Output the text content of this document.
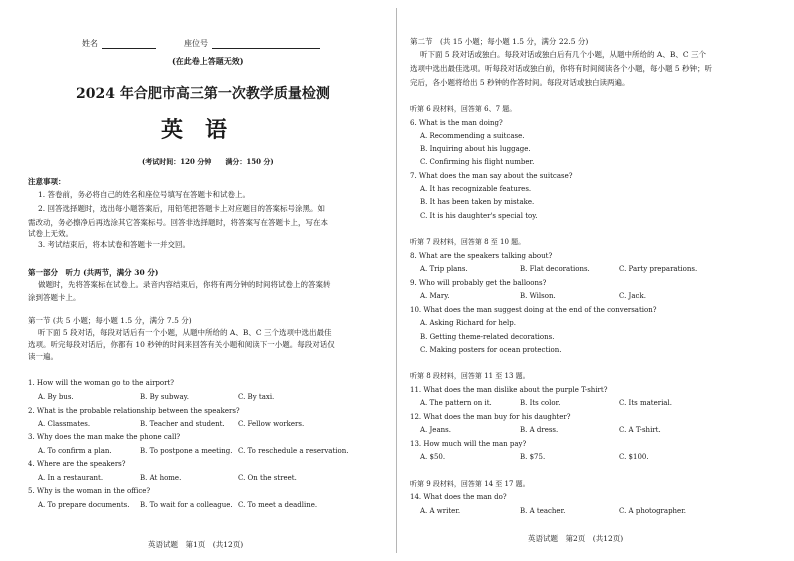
姓名	座位号
(在此卷上答题无效)
2024 年合肥市高三第一次教学质量检测
英　语
(考试时间：120 分钟　　满分：150 分)
注意事项：
1. 答卷前，务必将自己的姓名和座位号填写在答题卡和试卷上。
2. 回答选择题时，选出每小题答案后，用铅笔把答题卡上对应题目的答案标号涂黑。如
需改动，务必擦净后再选涂其它答案标号。回答非选择题时，将答案写在答题卡上，写在本
试卷上无效。
3. 考试结束后，将本试卷和答题卡一并交回。
第一部分　听力 (共两节，满分 30 分)
做题时，先将答案标在试卷上。录音内容结束后，你将有两分钟的时间将试卷上的答案转
涂到答题卡上。
第一节 (共 5 小题；每小题 1.5 分，满分 7.5 分)
听下面 5 段对话，每段对话后有一个小题，从题中所给的 A、B、C 三个选项中选出最佳
选项。听完每段对话后，你都有 10 秒钟的时间来回答有关小题和阅读下一小题。每段对话仅
读一遍。
1. How will the woman go to the airport?
A. By bus.	B. By subway.	C. By taxi.
2. What is the probable relationship between the speakers?
A. Classmates.	B. Teacher and student. C. Fellow workers.
3. Why does the man make the phone call?
A. To confirm a plan.	B. To postpone a meeting. C. To reschedule a reservation.
4. Where are the speakers?
A. In a restaurant.	B. At home.	C. On the street.
5. Why is the woman in the office?
A. To prepare documents. B. To wait for a colleague. C. To meet a deadline.
英语试题　第1页　(共12页)
第二节　(共 15 小题；每小题 1.5 分，满分 22.5 分)
听下面 5 段对话或独白。每段对话或独白后有几个小题，从题中所给的 A、B、C 三个
选项中选出最佳选项。听每段对话或独白前，你将有时间阅读各个小题，每小题 5 秒钟；听
完后，各小题将给出 5 秒钟的作答时间。每段对话或独白读两遍。
听第 6 段材料，回答第 6、7 题。
6. What is the man doing?
A. Recommending a suitcase.
B. Inquiring about his luggage.
C. Confirming his flight number.
7. What does the man say about the suitcase?
A. It has recognizable features.
B. It has been taken by mistake.
C. It is his daughter's special toy.
听第 7 段材料，回答第 8 至 10 题。
8. What are the speakers talking about?
A. Trip plans.	B. Flat decorations.	C. Party preparations.
9. Who will probably get the balloons?
A. Mary.	B. Wilson.	C. Jack.
10. What does the man suggest doing at the end of the conversation?
A. Asking Richard for help.
B. Getting theme-related decorations.
C. Making posters for ocean protection.
听第 8 段材料，回答第 11 至 13 题。
11. What does the man dislike about the purple T-shirt?
A. The pattern on it.	B. Its color.	C. Its material.
12. What does the man buy for his daughter?
A. Jeans.	B. A dress.	C. A T-shirt.
13. How much will the man pay?
A. $50.	B. $75.	C. $100.
听第 9 段材料，回答第 14 至 17 题。
14. What does the man do?
A. A writer.	B. A teacher.	C. A photographer.
英语试题　第2页　(共12页)
